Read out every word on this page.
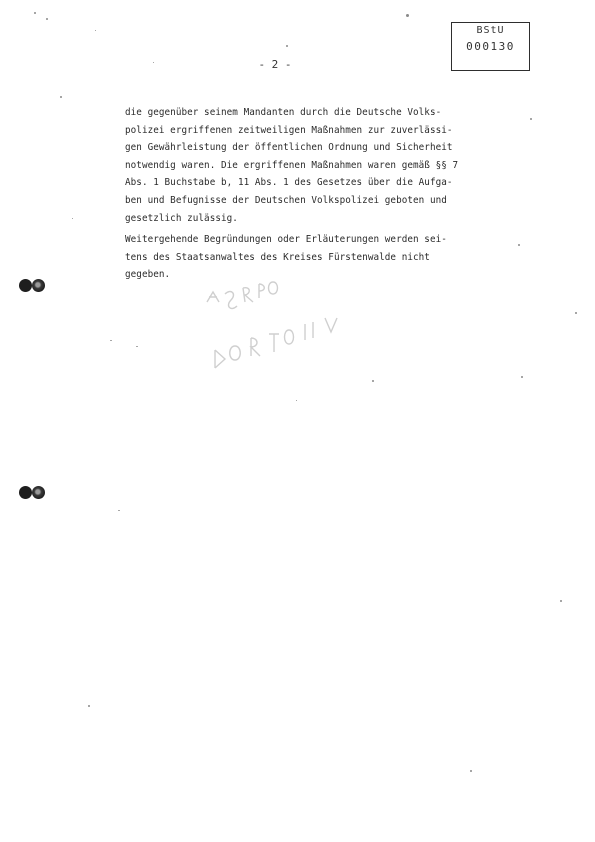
BStU
000130
- 2 -

die gegenüber seinem Mandanten durch die Deutsche Volks-
polizei ergriffenen zeitweiligen Maßnahmen zur zuverlässi-
gen Gewährleistung der öffentlichen Ordnung und Sicherheit
notwendig waren. Die ergriffenen Maßnahmen waren gemäß §§ 7
Abs. 1 Buchstabe b, 11 Abs. 1 des Gesetzes über die Aufga-
ben und Befugnisse der Deutschen Volkspolizei geboten und
gesetzlich zulässig.

Weitergehende Begründungen oder Erläuterungen werden sei-
tens des Staatsanwaltes des Kreises Fürstenwalde nicht
gegeben.
